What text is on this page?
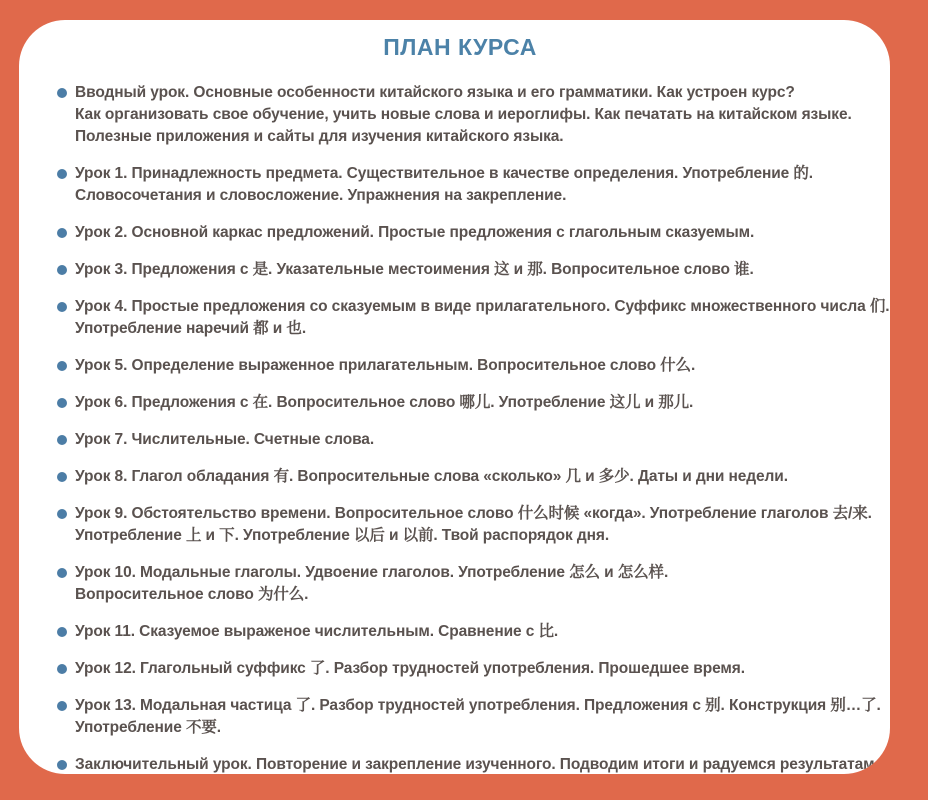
ПЛАН КУРСА
Вводный урок. Основные особенности китайского языка и его грамматики. Как устроен курс?
Как организовать свое обучение, учить новые слова и иероглифы. Как печатать на китайском языке.
Полезные приложения и сайты для изучения китайского языка.
Урок 1. Принадлежность предмета. Существительное в качестве определения. Употребление 的.
Словосочетания и словосложение. Упражнения на закрепление.
Урок 2. Основной каркас предложений. Простые предложения с глагольным сказуемым.
Урок 3. Предложения с 是. Указательные местоимения 这 и 那. Вопросительное слово 谁.
Урок 4. Простые предложения со сказуемым в виде прилагательного. Суффикс множественного числа 们.
Употребление наречий 都 и 也.
Урок 5. Определение выраженное прилагательным. Вопросительное слово 什么.
Урок 6. Предложения с 在. Вопросительное слово 哪儿. Употребление 这儿 и 那儿.
Урок 7. Числительные. Счетные слова.
Урок 8. Глагол обладания 有. Вопросительные слова «сколько» 几 и 多少. Даты и дни недели.
Урок 9. Обстоятельство времени. Вопросительное слово 什么时候 «когда». Употребление глаголов 去/来.
Употребление 上 и 下. Употребление 以后 и 以前. Твой распорядок дня.
Урок 10. Модальные глаголы. Удвоение глаголов. Употребление 怎么 и 怎么样.
Вопросительное слово 为什么.
Урок 11. Сказуемое выраженое числительным. Сравнение с 比.
Урок 12. Глагольный суффикс 了. Разбор трудностей употребления. Прошедшее время.
Урок 13. Модальная частица 了. Разбор трудностей употребления. Предложения с 别. Конструкция 别…了.
Употребление 不要.
Заключительный урок. Повторение и закрепление изученного. Подводим итоги и радуемся результатам.
